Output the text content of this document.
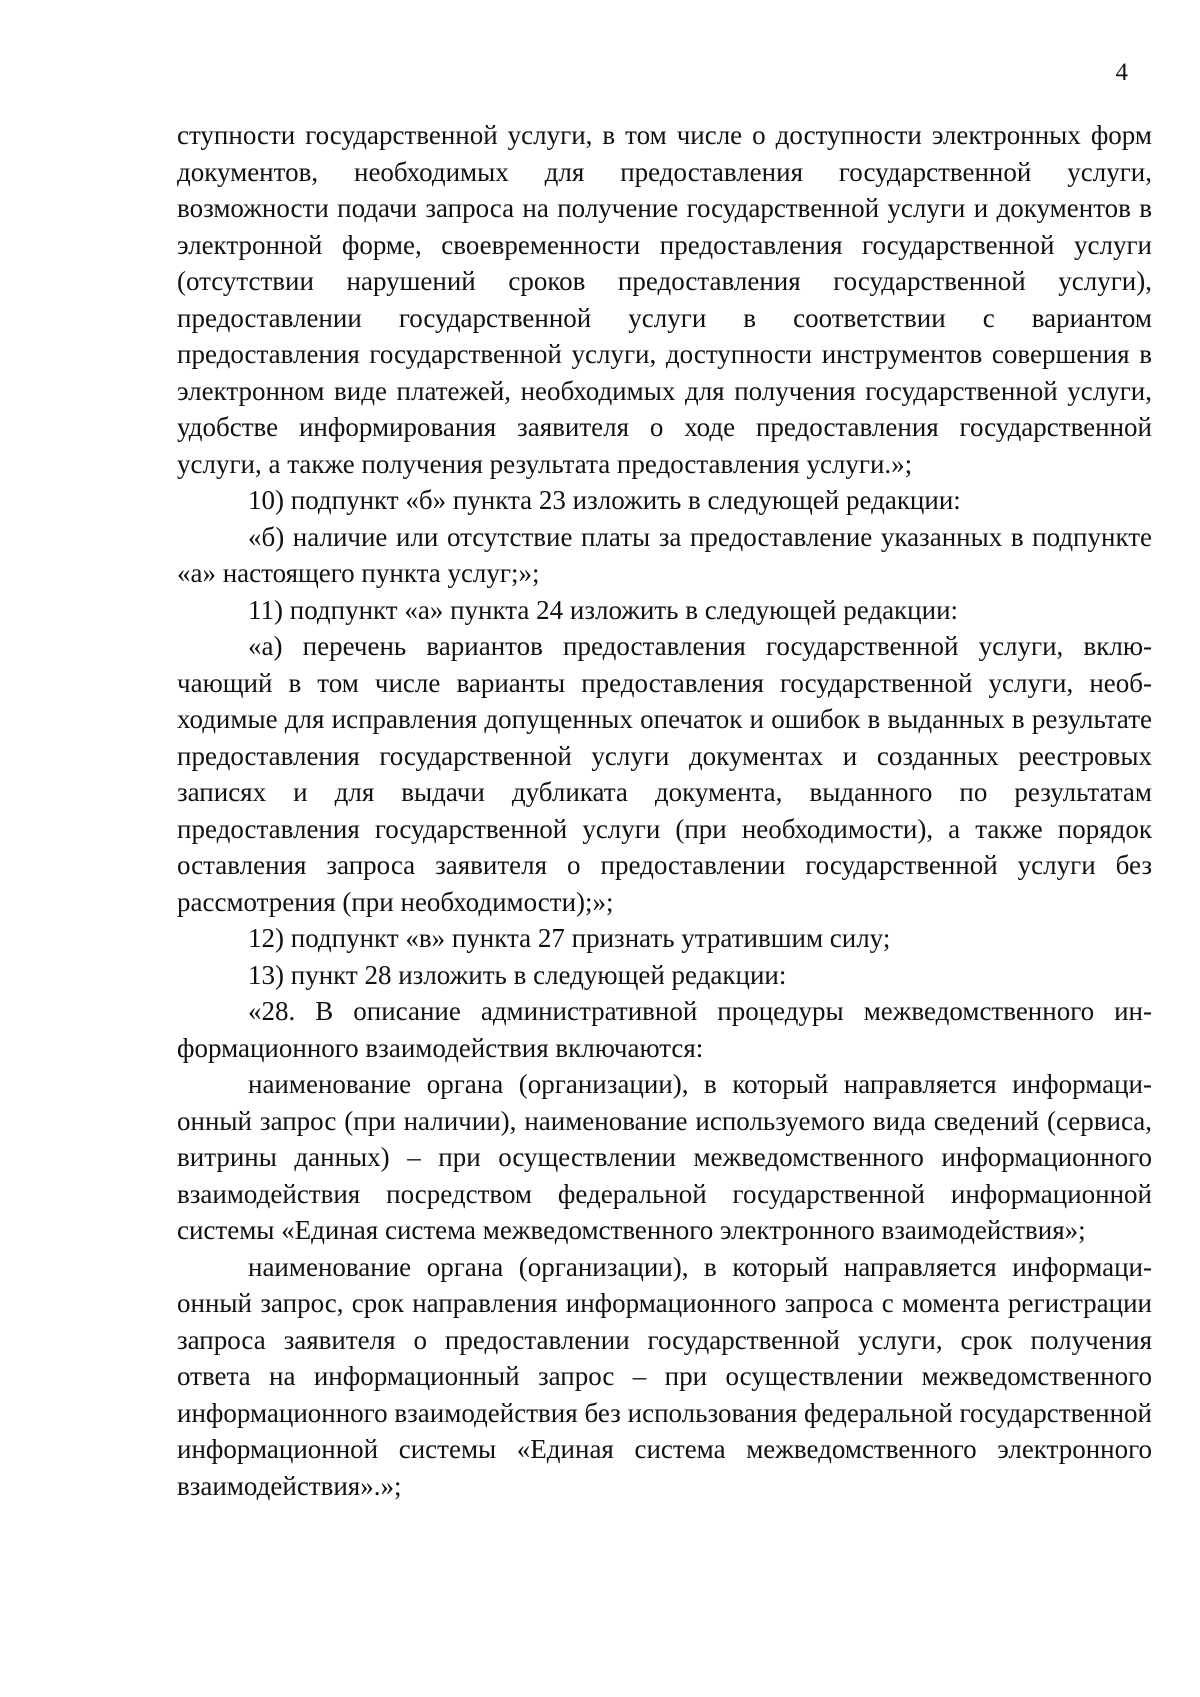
4

ступности государственной услуги, в том числе о доступности электронных форм документов, необходимых для предоставления государственной услуги, возможности подачи запроса на получение государственной услуги и документов в электронной форме, своевременности предоставления государственной услуги (отсутствии нарушений сроков предоставления государственной услуги), предоставлении государственной услуги в соответствии с вариантом предоставления государственной услуги, доступности инструментов совершения в электронном виде платежей, необходимых для получения государственной услуги, удобстве информирования заявителя о ходе предоставления государственной услуги, а также получения результата предоставления услуги.»;

10) подпункт «б» пункта 23 изложить в следующей редакции:

«б) наличие или отсутствие платы за предоставление указанных в подпункте «а» настоящего пункта услуг;»;

11) подпункт «а» пункта 24 изложить в следующей редакции:

«а) перечень вариантов предоставления государственной услуги, включающий в том числе варианты предоставления государственной услуги, необходимые для исправления допущенных опечаток и ошибок в выданных в результате предоставления государственной услуги документах и созданных реестровых записях и для выдачи дубликата документа, выданного по результатам предоставления государственной услуги (при необходимости), а также порядок оставления запроса заявителя о предоставлении государственной услуги без рассмотрения (при необходимости);»;

12) подпункт «в» пункта 27 признать утратившим силу;

13) пункт 28 изложить в следующей редакции:

«28. В описание административной процедуры межведомственного информационного взаимодействия включаются:

наименование органа (организации), в который направляется информационный запрос (при наличии), наименование используемого вида сведений (сервиса, витрины данных) – при осуществлении межведомственного информационного взаимодействия посредством федеральной государственной информационной системы «Единая система межведомственного электронного взаимодействия»;

наименование органа (организации), в который направляется информационный запрос, срок направления информационного запроса с момента регистрации запроса заявителя о предоставлении государственной услуги, срок получения ответа на информационный запрос – при осуществлении межведомственного информационного взаимодействия без использования федеральной государственной информационной системы «Единая система межведомственного электронного взаимодействия».»;
